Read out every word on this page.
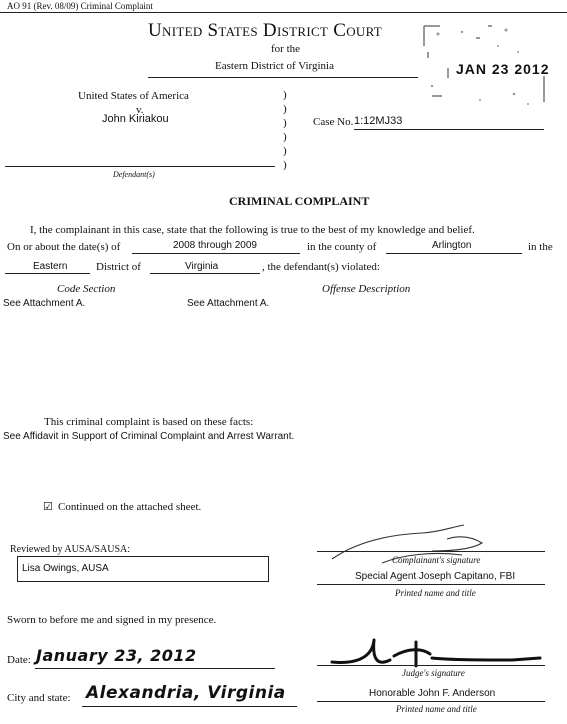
AO 91 (Rev. 08/09) Criminal Complaint
United States District Court
for the
Eastern District of Virginia	JAN 23 2012
United States of America
v.
John Kiriakou
)
)
)
)
)
)
Defendant(s)
Case No. 1:12MJ33
CRIMINAL COMPLAINT
I, the complainant in this case, state that the following is true to the best of my knowledge and belief.
On or about the date(s) of	2008 through 2009	in the county of	Arlington	in the
Eastern	District of	Virginia	, the defendant(s) violated:
Code Section	Offense Description
See Attachment A.	See Attachment A.
This criminal complaint is based on these facts:
See Affidavit in Support of Criminal Complaint and Arrest Warrant.
☑ Continued on the attached sheet.
Reviewed by AUSA/SAUSA:
Lisa Owings, AUSA
Complainant's signature
Special Agent Joseph Capitano, FBI
Printed name and title
Sworn to before me and signed in my presence.
Date: January 23, 2012
Judge's signature
Honorable John F. Anderson
Printed name and title
City and state: Alexandria, Virginia
